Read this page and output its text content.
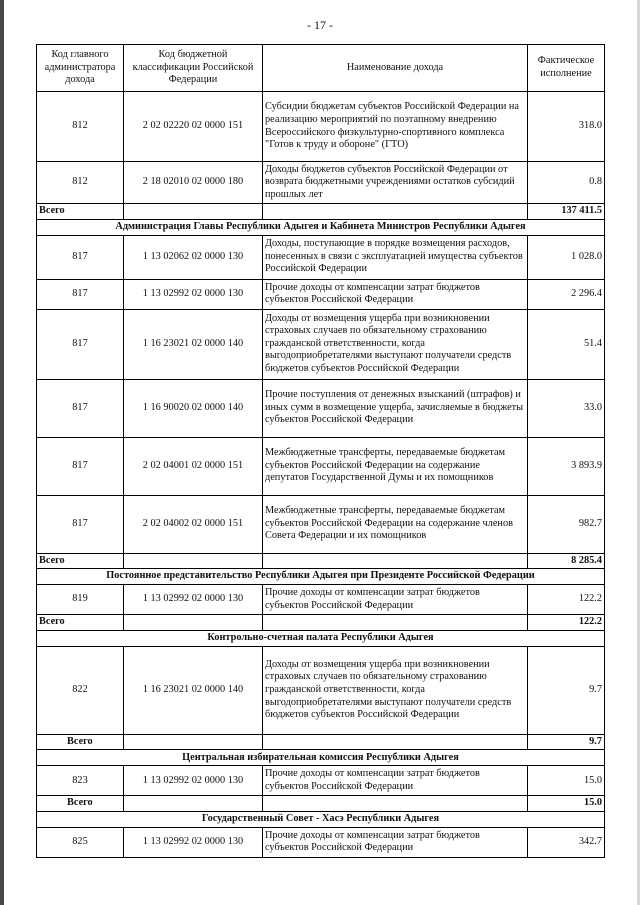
- 17 -
Код главного администратора дохода	Код бюджетной классификации Российской Федерации	Наименование дохода	Фактическое исполнение
812	2 02 02220 02 0000 151	Субсидии бюджетам субъектов Российской Федерации на реализацию мероприятий по поэтапному внедрению Всероссийского физкультурно-спортивного комплекса "Готов к труду и обороне" (ГТО)	318.0
812	2 18 02010 02 0000 180	Доходы бюджетов субъектов Российской Федерации от возврата бюджетными учреждениями остатков субсидий прошлых лет	0.8
Всего			137 411.5
Администрация Главы Республики Адыгея и Кабинета Министров Республики Адыгея			
817	1 13 02062 02 0000 130	Доходы, поступающие в порядке возмещения расходов, понесенных в связи с эксплуатацией имущества субъектов Российской Федерации	1 028.0
817	1 13 02992 02 0000 130	Прочие доходы от компенсации затрат бюджетов субъектов Российской Федерации	2 296.4
817	1 16 23021 02 0000 140	Доходы от возмещения ущерба при возникновении страховых случаев по обязательному страхованию гражданской ответственности, когда выгодоприобретателями выступают получатели средств бюджетов субъектов Российской Федерации	51.4
817	1 16 90020 02 0000 140	Прочие поступления от денежных взысканий (штрафов) и иных сумм в возмещение ущерба, зачисляемые в бюджеты субъектов Российской Федерации	33.0
817	2 02 04001 02 0000 151	Межбюджетные трансферты, передаваемые бюджетам субъектов Российской Федерации на содержание депутатов Государственной Думы и их помощников	3 893.9
817	2 02 04002 02 0000 151	Межбюджетные трансферты, передаваемые бюджетам субъектов Российской Федерации на содержание членов Совета Федерации и их помощников	982.7
Всего			8 285.4
Постоянное представительство Республики Адыгея при Президенте Российской Федерации			
819	1 13 02992 02 0000 130	Прочие доходы от компенсации затрат бюджетов субъектов Российской Федерации	122.2
Всего			122.2
Контрольно-счетная палата Республики Адыгея			
822	1 16 23021 02 0000 140	Доходы от возмещения ущерба при возникновении страховых случаев по обязательному страхованию гражданской ответственности, когда выгодоприобретателями выступают получатели средств бюджетов субъектов Российской Федерации	9.7
Всего			9.7
Центральная избирательная комиссия Республики Адыгея			
823	1 13 02992 02 0000 130	Прочие доходы от компенсации затрат бюджетов субъектов Российской Федерации	15.0
Всего			15.0
Государственный Совет - Хасэ Республики Адыгея			
825	1 13 02992 02 0000 130	Прочие доходы от компенсации затрат бюджетов субъектов Российской Федерации	342.7
